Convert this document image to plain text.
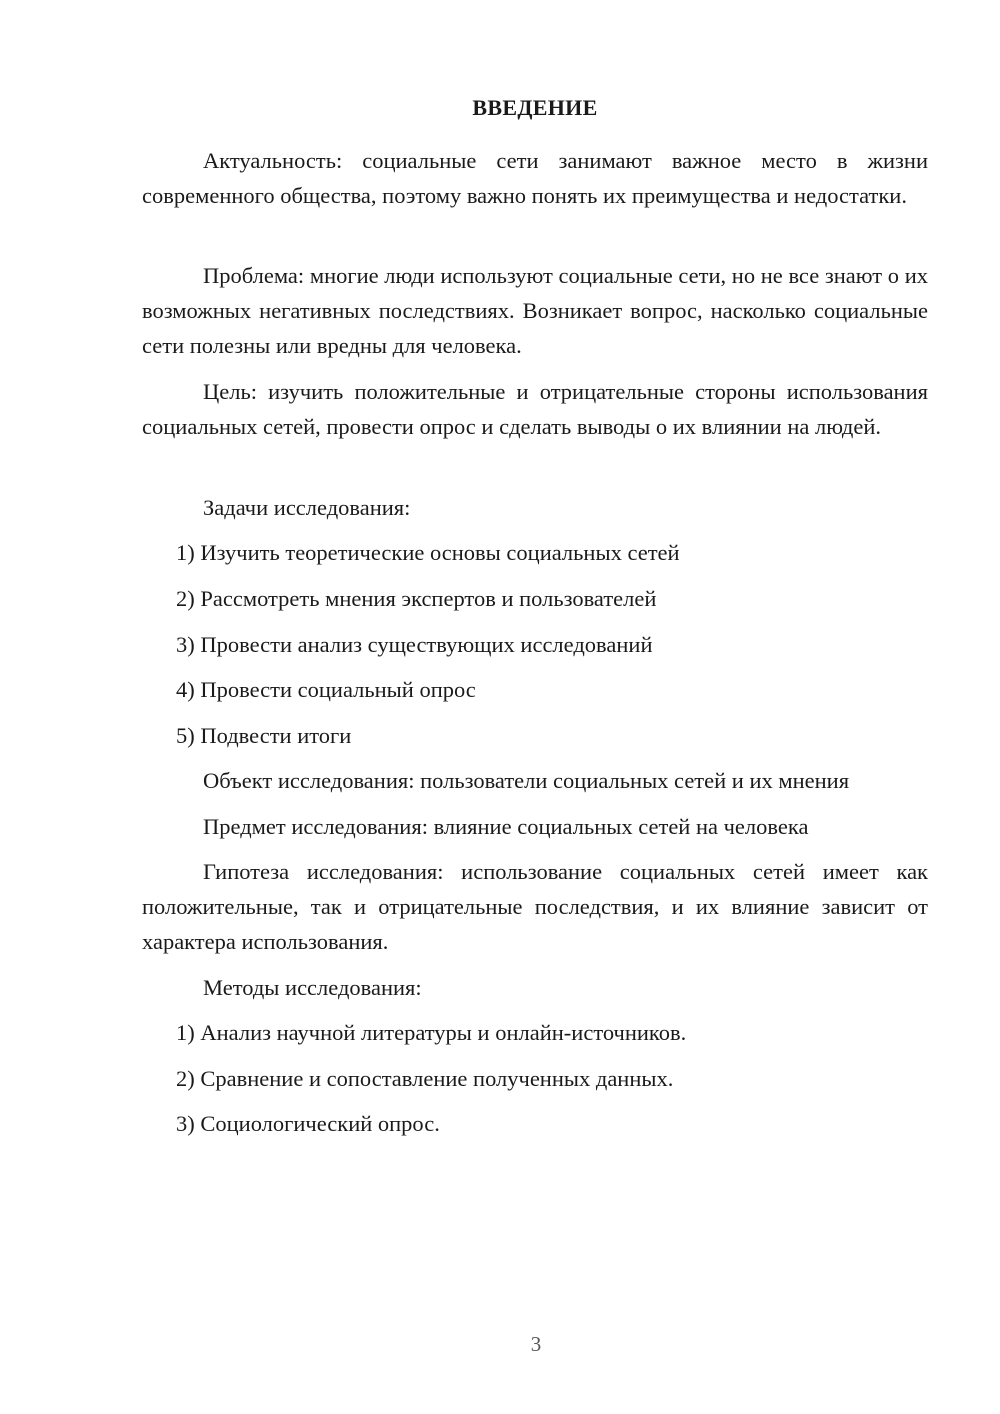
ВВЕДЕНИЕ

Актуальность: социальные сети занимают важное место в жизни современного общества, поэтому важно понять их преимущества и недостатки.

Проблема: многие люди используют социальные сети, но не все знают о их возможных негативных последствиях. Возникает вопрос, насколько социальные сети полезны или вредны для человека.

Цель: изучить положительные и отрицательные стороны использования социальных сетей, провести опрос и сделать выводы о их влиянии на людей.

Задачи исследования:

1) Изучить теоретические основы социальных сетей

2) Рассмотреть мнения экспертов и пользователей

3) Провести анализ существующих исследований

4) Провести социальный опрос

5) Подвести итоги

Объект исследования: пользователи социальных сетей и их мнения

Предмет исследования: влияние социальных сетей на человека

Гипотеза исследования: использование социальных сетей имеет как положительные, так и отрицательные последствия, и их влияние зависит от характера использования.

Методы исследования:

1) Анализ научной литературы и онлайн-источников.

2) Сравнение и сопоставление полученных данных.

3) Социологический опрос.

3
